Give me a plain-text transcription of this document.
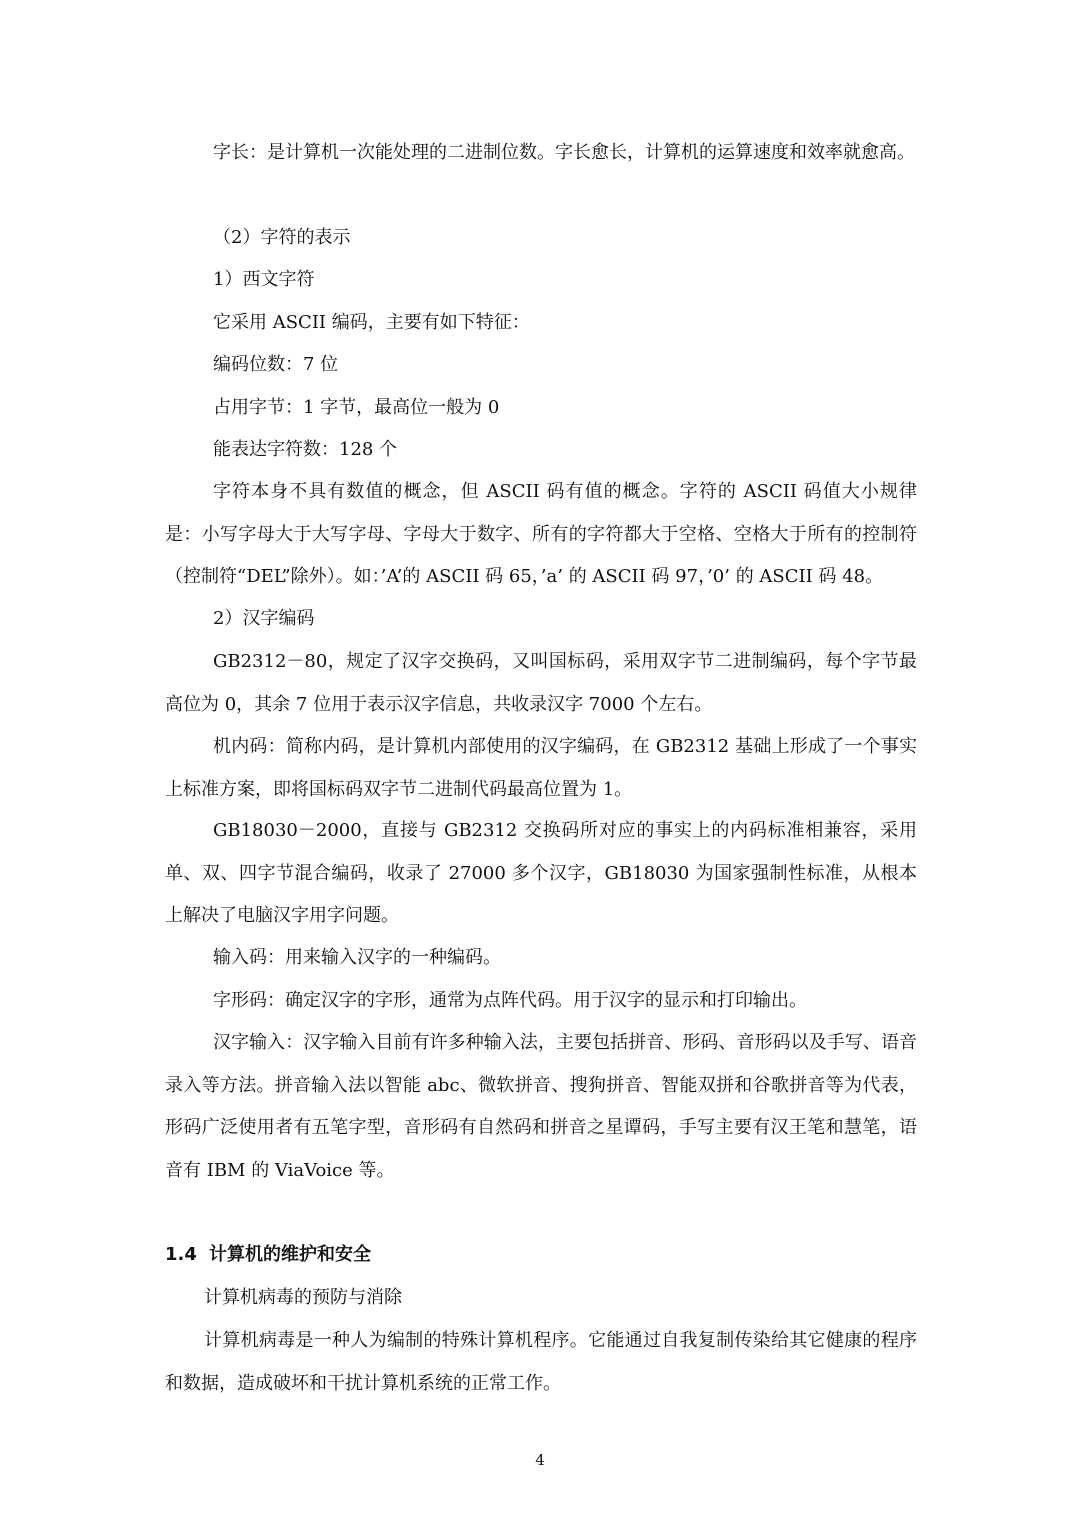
字长：是计算机一次能处理的二进制位数。字长愈长，计算机的运算速度和效率就愈高。

（2）字符的表示

1）西文字符

它采用 ASCII 编码，主要有如下特征：

编码位数：7 位

占用字节：1 字节，最高位一般为 0

能表达字符数：128 个

字符本身不具有数值的概念，但 ASCII 码有值的概念。字符的 ASCII 码值大小规律是：小写字母大于大写字母、字母大于数字、所有的字符都大于空格、空格大于所有的控制符（控制符“DEL”除外）。如：’A’的 ASCII 码 65，’a’ 的 ASCII 码 97，’0’ 的 ASCII 码 48。

2）汉字编码

GB2312－80，规定了汉字交换码，又叫国标码，采用双字节二进制编码，每个字节最高位为 0，其余 7 位用于表示汉字信息，共收录汉字 7000 个左右。

机内码：简称内码，是计算机内部使用的汉字编码，在 GB2312 基础上形成了一个事实上标准方案，即将国标码双字节二进制代码最高位置为 1。

GB18030－2000，直接与 GB2312 交换码所对应的事实上的内码标准相兼容，采用单、双、四字节混合编码，收录了 27000 多个汉字，GB18030 为国家强制性标准，从根本上解决了电脑汉字用字问题。

输入码：用来输入汉字的一种编码。

字形码：确定汉字的字形，通常为点阵代码。用于汉字的显示和打印输出。

汉字输入：汉字输入目前有许多种输入法，主要包括拼音、形码、音形码以及手写、语音录入等方法。拼音输入法以智能 abc、微软拼音、搜狗拼音、智能双拼和谷歌拼音等为代表，形码广泛使用者有五笔字型，音形码有自然码和拼音之星谭码，手写主要有汉王笔和慧笔，语音有 IBM 的 ViaVoice 等。

1.4 计算机的维护和安全

计算机病毒的预防与消除

计算机病毒是一种人为编制的特殊计算机程序。它能通过自我复制传染给其它健康的程序和数据，造成破坏和干扰计算机系统的正常工作。

4
